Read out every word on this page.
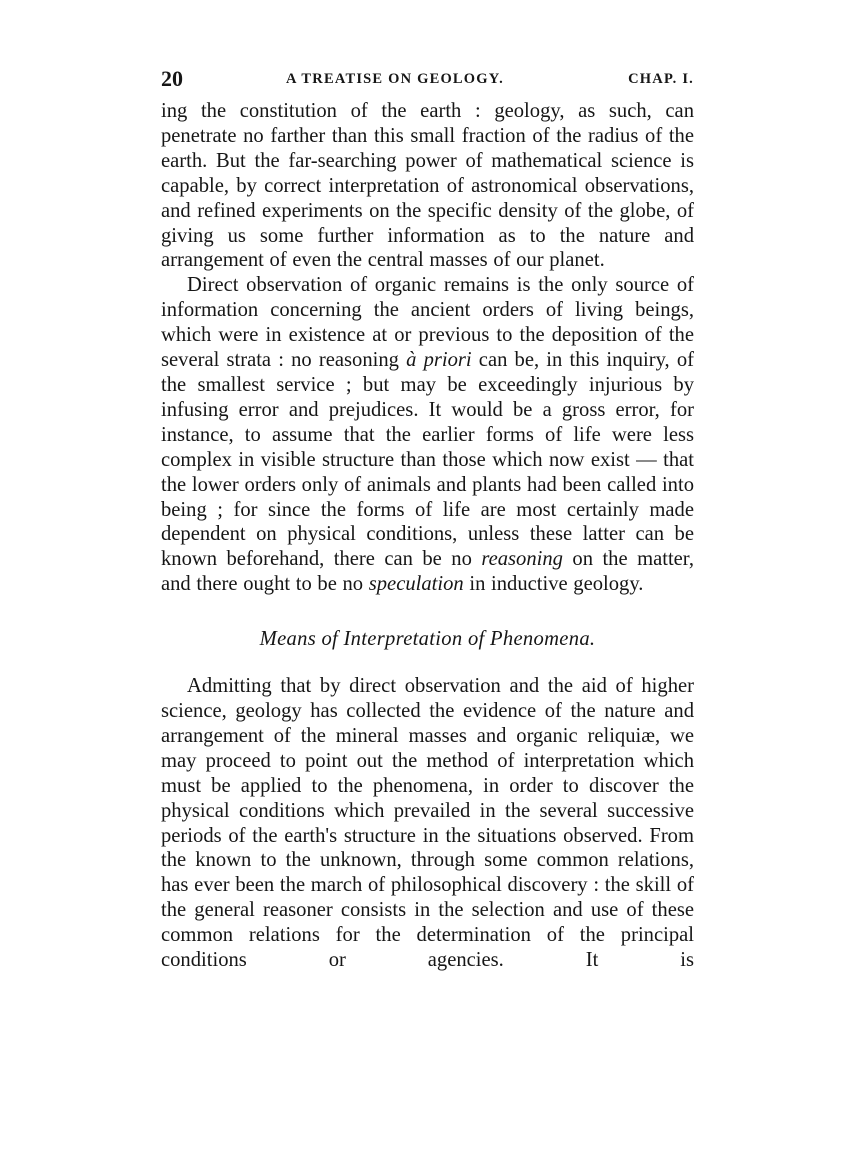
20	A TREATISE ON GEOLOGY.	CHAP. I.

ing the constitution of the earth : geology, as such, can penetrate no farther than this small fraction of the radius of the earth. But the far-searching power of mathematical science is capable, by correct interpretation of astronomical observations, and refined experiments on the specific density of the globe, of giving us some further information as to the nature and arrangement of even the central masses of our planet.

Direct observation of organic remains is the only source of information concerning the ancient orders of living beings, which were in existence at or previous to the deposition of the several strata : no reasoning à priori can be, in this inquiry, of the smallest service ; but may be exceedingly injurious by infusing error and prejudices. It would be a gross error, for instance, to assume that the earlier forms of life were less complex in visible structure than those which now exist — that the lower orders only of animals and plants had been called into being ; for since the forms of life are most certainly made dependent on physical conditions, unless these latter can be known beforehand, there can be no reasoning on the matter, and there ought to be no speculation in inductive geology.

Means of Interpretation of Phenomena.

Admitting that by direct observation and the aid of higher science, geology has collected the evidence of the nature and arrangement of the mineral masses and organic reliquiæ, we may proceed to point out the method of interpretation which must be applied to the phenomena, in order to discover the physical conditions which prevailed in the several successive periods of the earth's structure in the situations observed. From the known to the unknown, through some common relations, has ever been the march of philosophical discovery : the skill of the general reasoner consists in the selection and use of these common relations for the determination of the principal conditions or agencies. It is
